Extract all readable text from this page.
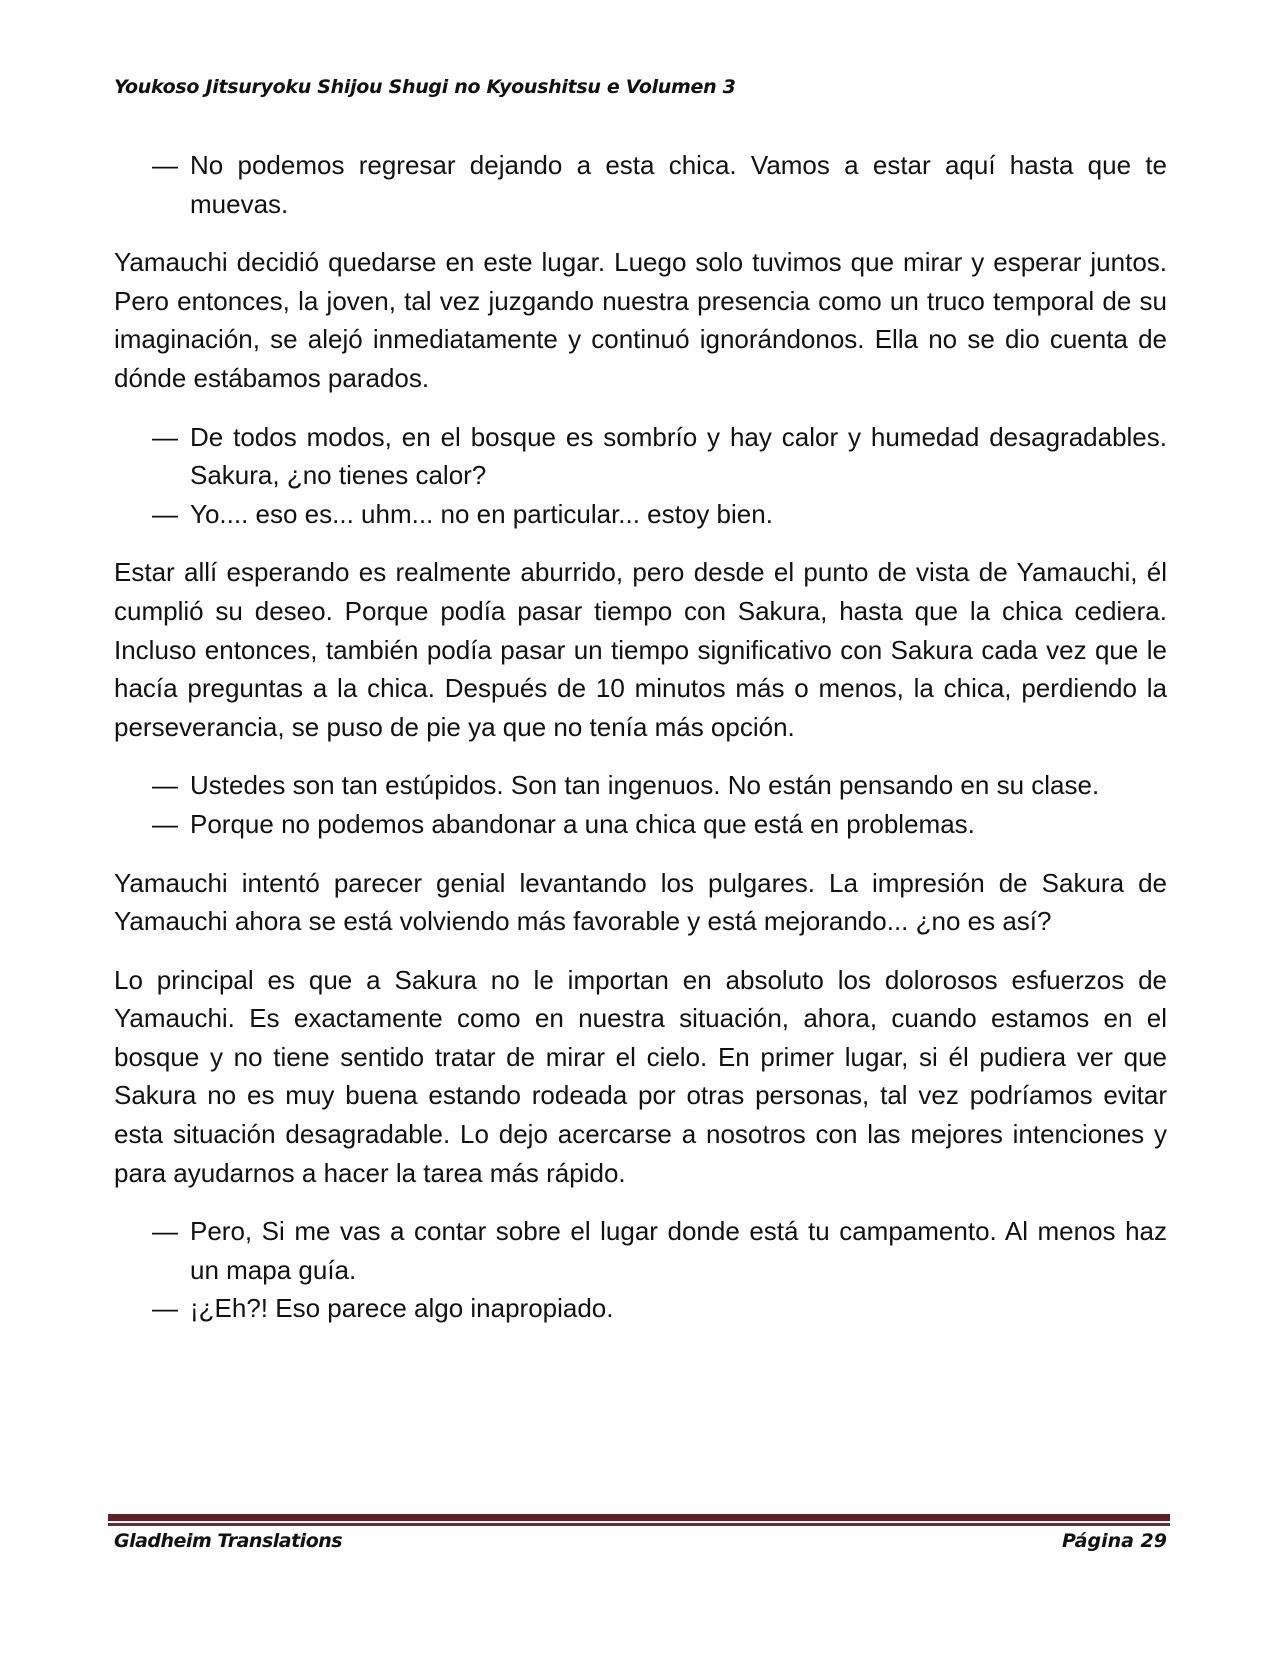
Youkoso Jitsuryoku Shijou Shugi no Kyoushitsu e Volumen 3

— No podemos regresar dejando a esta chica. Vamos a estar aquí hasta que te muevas.

Yamauchi decidió quedarse en este lugar. Luego solo tuvimos que mirar y esperar juntos. Pero entonces, la joven, tal vez juzgando nuestra presencia como un truco temporal de su imaginación, se alejó inmediatamente y continuó ignorándonos. Ella no se dio cuenta de dónde estábamos parados.

— De todos modos, en el bosque es sombrío y hay calor y humedad desagradables. Sakura, ¿no tienes calor?

— Yo.... eso es... uhm... no en particular... estoy bien.

Estar allí esperando es realmente aburrido, pero desde el punto de vista de Yamauchi, él cumplió su deseo. Porque podía pasar tiempo con Sakura, hasta que la chica cediera. Incluso entonces, también podía pasar un tiempo significativo con Sakura cada vez que le hacía preguntas a la chica. Después de 10 minutos más o menos, la chica, perdiendo la perseverancia, se puso de pie ya que no tenía más opción.

— Ustedes son tan estúpidos. Son tan ingenuos. No están pensando en su clase.

— Porque no podemos abandonar a una chica que está en problemas.

Yamauchi intentó parecer genial levantando los pulgares. La impresión de Sakura de Yamauchi ahora se está volviendo más favorable y está mejorando... ¿no es así?

Lo principal es que a Sakura no le importan en absoluto los dolorosos esfuerzos de Yamauchi. Es exactamente como en nuestra situación, ahora, cuando estamos en el bosque y no tiene sentido tratar de mirar el cielo. En primer lugar, si él pudiera ver que Sakura no es muy buena estando rodeada por otras personas, tal vez podríamos evitar esta situación desagradable. Lo dejo acercarse a nosotros con las mejores intenciones y para ayudarnos a hacer la tarea más rápido.

— Pero, Si me vas a contar sobre el lugar donde está tu campamento. Al menos haz un mapa guía.

— ¡¿Eh?! Eso parece algo inapropiado.

Gladheim Translations	Página 29
